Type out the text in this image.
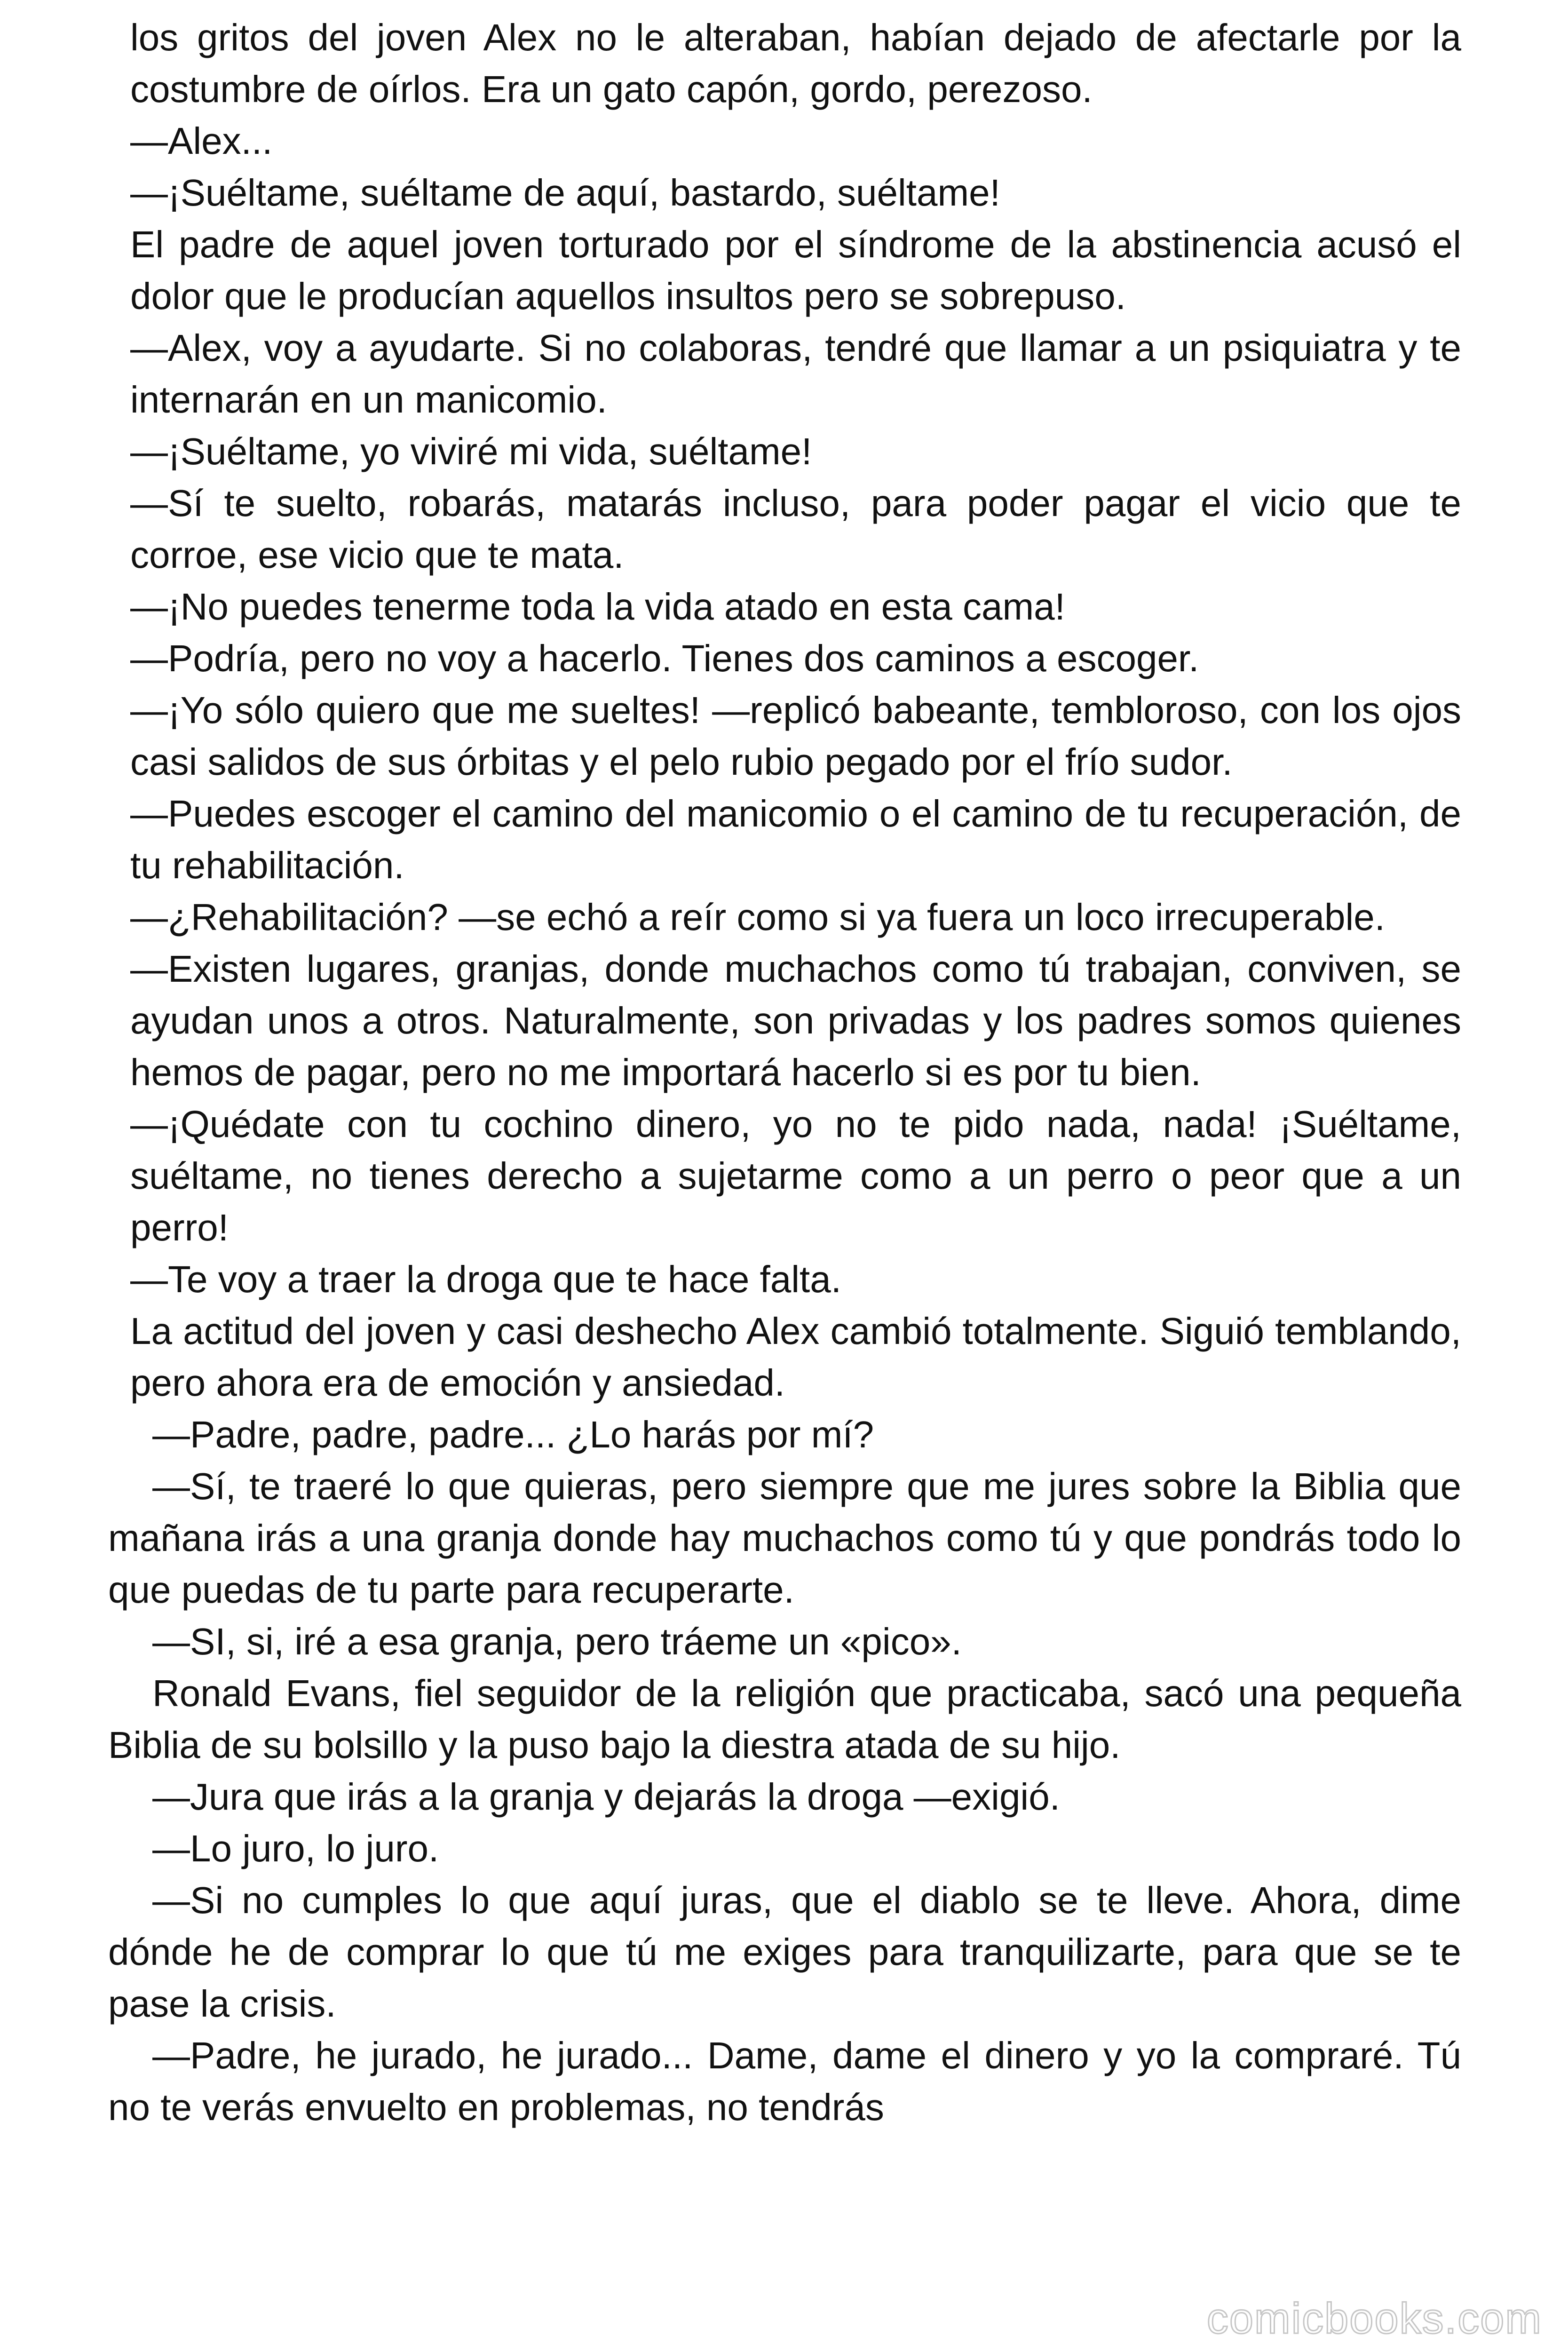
los gritos del joven Alex no le alteraban, habían dejado de afectarle por la costumbre de oírlos. Era un gato capón, gordo, perezoso.

—Alex...

—¡Suéltame, suéltame de aquí, bastardo, suéltame!

El padre de aquel joven torturado por el síndrome de la abstinencia acusó el dolor que le producían aquellos insultos pero se sobrepuso.

—Alex, voy a ayudarte. Si no colaboras, tendré que llamar a un psiquiatra y te internarán en un manicomio.

—¡Suéltame, yo viviré mi vida, suéltame!

—Sí te suelto, robarás, matarás incluso, para poder pagar el vicio que te corroe, ese vicio que te mata.

—¡No puedes tenerme toda la vida atado en esta cama!

—Podría, pero no voy a hacerlo. Tienes dos caminos a escoger.

—¡Yo sólo quiero que me sueltes! —replicó babeante, tembloroso, con los ojos casi salidos de sus órbitas y el pelo rubio pegado por el frío sudor.

—Puedes escoger el camino del manicomio o el camino de tu recuperación, de tu rehabilitación.

—¿Rehabilitación? —se echó a reír como si ya fuera un loco irrecuperable.

—Existen lugares, granjas, donde muchachos como tú trabajan, conviven, se ayudan unos a otros. Naturalmente, son privadas y los padres somos quienes hemos de pagar, pero no me importará hacerlo si es por tu bien.

—¡Quédate con tu cochino dinero, yo no te pido nada, nada! ¡Suéltame, suéltame, no tienes derecho a sujetarme como a un perro o peor que a un perro!

—Te voy a traer la droga que te hace falta.

La actitud del joven y casi deshecho Alex cambió totalmente. Siguió temblando, pero ahora era de emoción y ansiedad.

—Padre, padre, padre... ¿Lo harás por mí?

—Sí, te traeré lo que quieras, pero siempre que me jures sobre la Biblia que mañana irás a una granja donde hay muchachos como tú y que pondrás todo lo que puedas de tu parte para recuperarte.

—SI, si, iré a esa granja, pero tráeme un «pico».

Ronald Evans, fiel seguidor de la religión que practicaba, sacó una pequeña Biblia de su bolsillo y la puso bajo la diestra atada de su hijo.

—Jura que irás a la granja y dejarás la droga —exigió.

—Lo juro, lo juro.

—Si no cumples lo que aquí juras, que el diablo se te lleve. Ahora, dime dónde he de comprar lo que tú me exiges para tranquilizarte, para que se te pase la crisis.

—Padre, he jurado, he jurado... Dame, dame el dinero y yo la compraré. Tú no te verás envuelto en problemas, no tendrás

comicbooks.com
